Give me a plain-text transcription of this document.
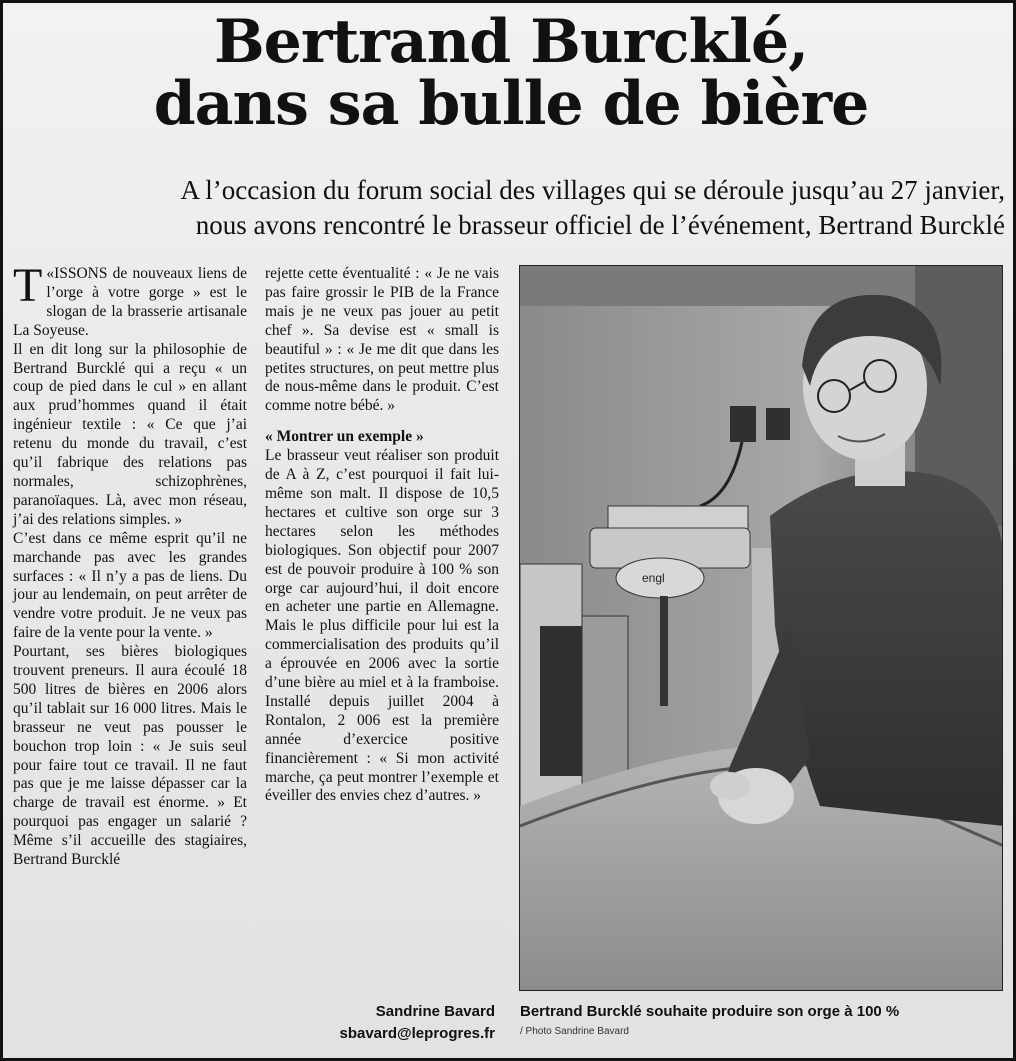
Bertrand Burcklé,
dans sa bulle de bière
A l’occasion du forum social des villages qui se déroule jusqu’au 27 janvier,
nous avons rencontré le brasseur officiel de l’événement, Bertrand Burcklé

«
T ISSONS de nouveaux liens de l’orge à votre gorge » est le slogan de la brasserie artisanale La Soyeuse.

Il en dit long sur la philosophie de Bertrand Burcklé qui a reçu « un coup de pied dans le cul » en allant aux prud’hommes quand il était ingénieur textile : « Ce que j’ai retenu du monde du travail, c’est qu’il fabrique des relations pas normales, schizophrènes, paranoïaques. Là, avec mon réseau, j’ai des relations simples. »

C’est dans ce même esprit qu’il ne marchande pas avec les grandes surfaces : « Il n’y a pas de liens. Du jour au lendemain, on peut arrêter de vendre votre produit. Je ne veux pas faire de la vente pour la vente. »

Pourtant, ses bières biologiques trouvent preneurs. Il aura écoulé 18 500 litres de bières en 2006 alors qu’il tablait sur 16 000 litres. Mais le brasseur ne veut pas pousser le bouchon trop loin : « Je suis seul pour faire tout ce travail. Il ne faut pas que je me laisse dépasser car la charge de travail est énorme. » Et pourquoi pas engager un salarié ? Même s’il accueille des stagiaires, Bertrand Burcklé

rejette cette éventualité : « Je ne vais pas faire grossir le PIB de la France mais je ne veux pas jouer au petit chef ». Sa devise est « small is beautiful » : « Je me dit que dans les petites structures, on peut mettre plus de nous-même dans le produit. C’est comme notre bébé. »

« Montrer un exemple »

Le brasseur veut réaliser son produit de A à Z, c’est pourquoi il fait lui-même son malt. Il dispose de 10,5 hectares et cultive son orge sur 3 hectares selon les méthodes biologiques. Son objectif pour 2007 est de pouvoir produire à 100 % son orge car aujourd’hui, il doit encore en acheter une partie en Allemagne. Mais le plus difficile pour lui est la commercialisation des produits qu’il a éprouvée en 2006 avec la sortie d’une bière au miel et à la framboise. Installé depuis juillet 2004 à Rontalon, 2 006 est la première année d’exercice positive financièrement : « Si mon activité marche, ça peut montrer l’exemple et éveiller des envies chez d’autres. »

Sandrine Bavard
sbavard@leprogres.fr
engl
Bertrand Burcklé souhaite produire son orge à 100 %
/ Photo Sandrine Bavard
